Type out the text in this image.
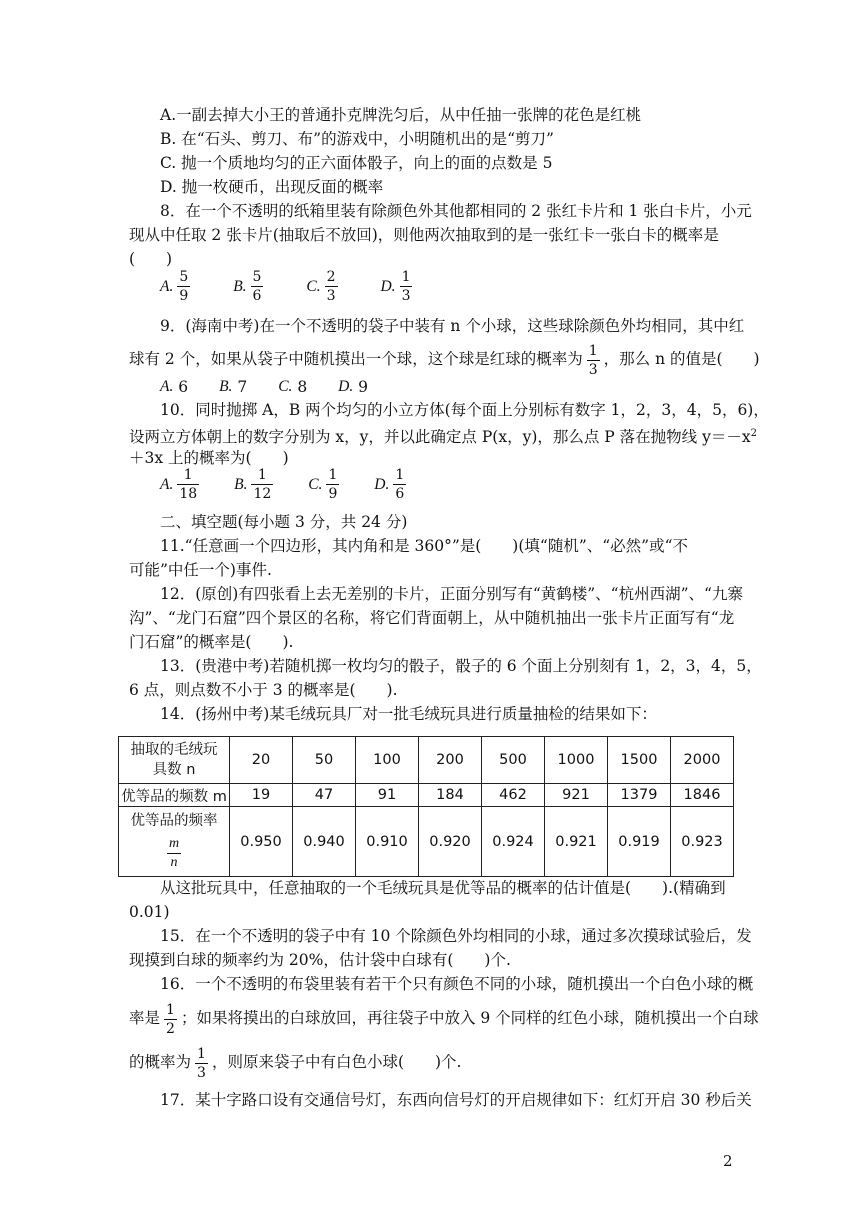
A.一副去掉大小王的普通扑克牌洗匀后，从中任抽一张牌的花色是红桃
B. 在“石头、剪刀、布”的游戏中，小明随机出的是“剪刀”
C. 抛一个质地均匀的正六面体骰子，向上的面的点数是 5
D. 抛一枚硬币，出现反面的概率
8．在一个不透明的纸箱里装有除颜色外其他都相同的 2 张红卡片和 1 张白卡片，小元
现从中任取 2 张卡片(抽取后不放回)，则他两次抽取到的是一张红卡一张白卡的概率是
(　　)
A. $\frac{5}{9}$
	B. $\frac{5}{6}$
	C. $\frac{2}{3}$
	D. $\frac{1}{3}$
9．(海南中考)在一个不透明的袋子中装有 n 个小球，这些球除颜色外均相同，其中红
球有 2 个，如果从袋子中随机摸出一个球，这个球是红球的概率为 $\frac{1}{3}$ ，那么 n 的值是(　　)
A.
6
B.
7
C.
8
D.
9
10．同时抛掷 A，B 两个均匀的小立方体(每个面上分别标有数字 1，2，3，4，5，6)，
设两立方体朝上的数字分别为 x，y，并以此确定点 P(x，y)，那么点 P 落在抛物线 $y=-x^2$
＋3x 上的概率为(　　)
A. $\frac{1}{18}$
B. $\frac{1}{12}$
C. $\frac{1}{9}$
D. $\frac{1}{6}$
二、填空题(每小题 3 分，共 24 分)
11.“任意画一个四边形，其内角和是 360°”是(　　)(填“随机”、“必然”或“不
可能”中任一个)事件.
12．(原创)有四张看上去无差别的卡片，正面分别写有“黄鹤楼”、“杭州西湖”、“九寨
沟”、“龙门石窟”四个景区的名称，将它们背面朝上，从中随机抽出一张卡片正面写有“龙
门石窟”的概率是(　　).
13．(贵港中考)若随机掷一枚均匀的骰子，骰子的 6 个面上分别刻有 1，2，3，4，5，
6 点，则点数不小于 3 的概率是(　　).
14．(扬州中考)某毛绒玩具厂对一批毛绒玩具进行质量抽检的结果如下：
抽取的毛绒玩
具数 n	20	50	100	200	500	1000	1500	2000
优等品的频数 m	19	47	91	184	462	921	1379	1846
优等品的频率

$\frac{m}{n}$	0.950	0.940	0.910	0.920	0.924	0.921	0.919	0.923
从这批玩具中，任意抽取的一个毛绒玩具是优等品的概率的估计值是(　　).(精确到
0.01)
15．在一个不透明的袋子中有 10 个除颜色外均相同的小球，通过多次摸球试验后，发
现摸到白球的频率约为 20%，估计袋中白球有(　　)个.
16．一个不透明的布袋里装有若干个只有颜色不同的小球，随机摸出一个白色小球的概
率是 $\frac{1}{2}$ ；如果将摸出的白球放回，再往袋子中放入 9 个同样的红色小球，随机摸出一个白球
的概率为 $\frac{1}{3}$ ，则原来袋子中有白色小球(　　)个.
17．某十字路口设有交通信号灯，东西向信号灯的开启规律如下：红灯开启 30 秒后关
2
